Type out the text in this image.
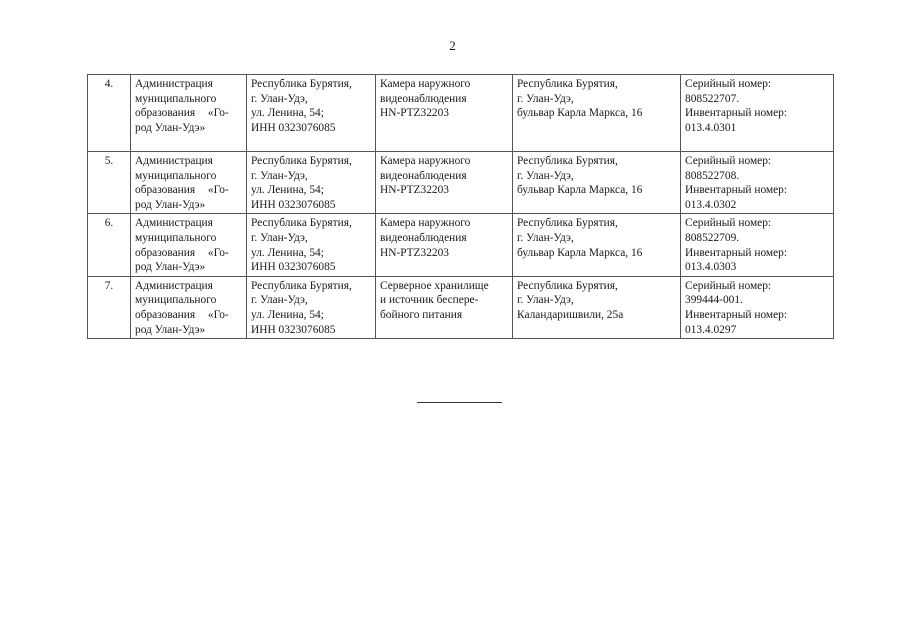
2
4.	Администрация
муниципального
образования «Го-
род Улан-Удэ»	Республика Бурятия,
г. Улан-Удэ,
ул. Ленина, 54;
ИНН 0323076085	Камера наружного
видеонаблюдения
HN-PTZ32203	Республика Бурятия,
г. Улан-Удэ,
бульвар Карла Маркса, 16	Серийный номер:
808522707.
Инвентарный номер:
013.4.0301

5.	Администрация
муниципального
образования «Го-
род Улан-Удэ»	Республика Бурятия,
г. Улан-Удэ,
ул. Ленина, 54;
ИНН 0323076085	Камера наружного
видеонаблюдения
HN-PTZ32203	Республика Бурятия,
г. Улан-Удэ,
бульвар Карла Маркса, 16	Серийный номер:
808522708.
Инвентарный номер:
013.4.0302

6.	Администрация
муниципального
образования «Го-
род Улан-Удэ»	Республика Бурятия,
г. Улан-Удэ,
ул. Ленина, 54;
ИНН 0323076085	Камера наружного
видеонаблюдения
HN-PTZ32203	Республика Бурятия,
г. Улан-Удэ,
бульвар Карла Маркса, 16	Серийный номер:
808522709.
Инвентарный номер:
013.4.0303

7.	Администрация
муниципального
образования «Го-
род Улан-Удэ»	Республика Бурятия,
г. Улан-Удэ,
ул. Ленина, 54;
ИНН 0323076085	Серверное хранилище
и источник беспере-
бойного питания	Республика Бурятия,
г. Улан-Удэ,
Каландаришвили, 25а	Серийный номер:
399444-001.
Инвентарный номер:
013.4.0297
